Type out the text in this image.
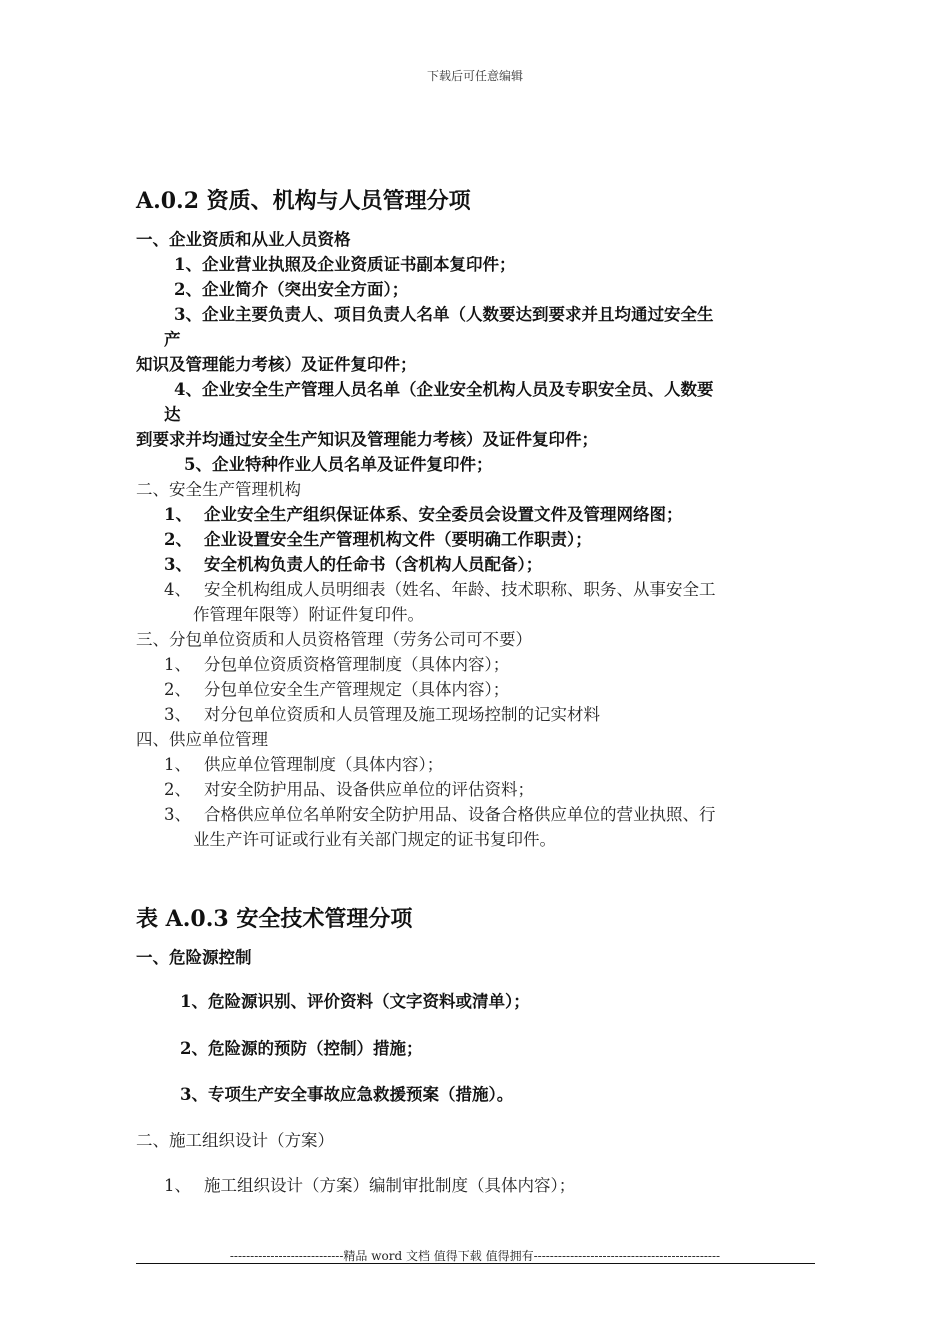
下载后可任意编辑
A.0.2 资质、机构与人员管理分项
一、企业资质和从业人员资格
1、企业营业执照及企业资质证书副本复印件；
2、企业简介（突出安全方面）；
3、企业主要负责人、项目负责人名单（人数要达到要求并且均通过安全生
产
知识及管理能力考核）及证件复印件；
4、企业安全生产管理人员名单（企业安全机构人员及专职安全员、人数要
达
到要求并均通过安全生产知识及管理能力考核）及证件复印件；
5、企业特种作业人员名单及证件复印件；
二、安全生产管理机构
1、 企业安全生产组织保证体系、安全委员会设置文件及管理网络图；
2、 企业设置安全生产管理机构文件（要明确工作职责）；
3、 安全机构负责人的任命书（含机构人员配备）；
4、 安全机构组成人员明细表（姓名、年龄、技术职称、职务、从事安全工
作管理年限等）附证件复印件。
三、分包单位资质和人员资格管理（劳务公司可不要）
1、 分包单位资质资格管理制度（具体内容）；
2、 分包单位安全生产管理规定（具体内容）；
3、 对分包单位资质和人员管理及施工现场控制的记实材料
四、供应单位管理
1、 供应单位管理制度（具体内容）；
2、 对安全防护用品、设备供应单位的评估资料；
3、 合格供应单位名单附安全防护用品、设备合格供应单位的营业执照、行
业生产许可证或行业有关部门规定的证书复印件。
表 A.0.3 安全技术管理分项
一、危险源控制
1、危险源识别、评价资料（文字资料或清单）；
2、危险源的预防（控制）措施；
3、专项生产安全事故应急救援预案（措施）。
二、施工组织设计（方案）
1、 施工组织设计（方案）编制审批制度（具体内容）；
----------------------------精品 word 文档 值得下载 值得拥有----------------------------------------------
